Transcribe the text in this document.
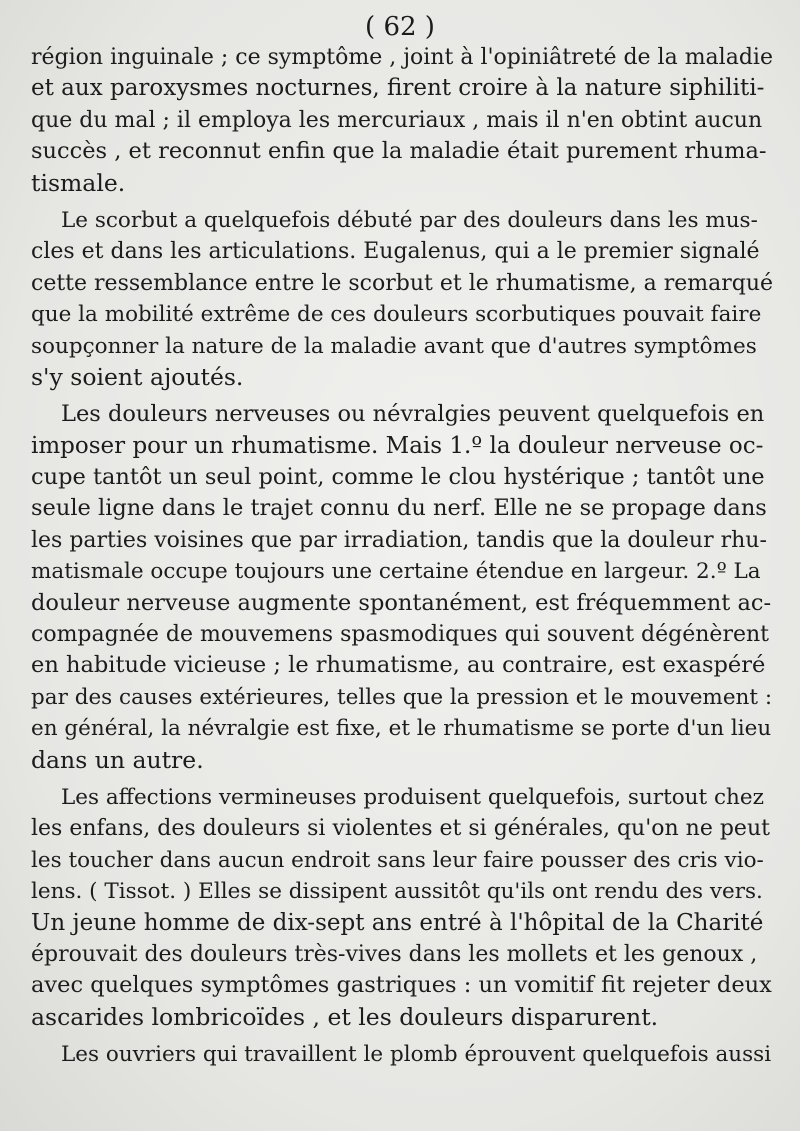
( 62 )
région inguinale ; ce symptôme , joint à l'opiniâtreté de la maladie
et aux paroxysmes nocturnes, firent croire à la nature siphiliti-
que du mal ; il employa les mercuriaux , mais il n'en obtint aucun
succès , et reconnut enfin que la maladie était purement rhuma-
tismale.
Le scorbut a quelquefois débuté par des douleurs dans les mus-
cles et dans les articulations. Eugalenus, qui a le premier signalé
cette ressemblance entre le scorbut et le rhumatisme, a remarqué
que la mobilité extrême de ces douleurs scorbutiques pouvait faire
soupçonner la nature de la maladie avant que d'autres symptômes
s'y soient ajoutés.
Les douleurs nerveuses ou névralgies peuvent quelquefois en
imposer pour un rhumatisme. Mais 1.º la douleur nerveuse oc-
cupe tantôt un seul point, comme le clou hystérique ; tantôt une
seule ligne dans le trajet connu du nerf. Elle ne se propage dans
les parties voisines que par irradiation, tandis que la douleur rhu-
matismale occupe toujours une certaine étendue en largeur. 2.º La
douleur nerveuse augmente spontanément, est fréquemment ac-
compagnée de mouvemens spasmodiques qui souvent dégénèrent
en habitude vicieuse ; le rhumatisme, au contraire, est exaspéré
par des causes extérieures, telles que la pression et le mouvement :
en général, la névralgie est fixe, et le rhumatisme se porte d'un lieu
dans un autre.
Les affections vermineuses produisent quelquefois, surtout chez
les enfans, des douleurs si violentes et si générales, qu'on ne peut
les toucher dans aucun endroit sans leur faire pousser des cris vio-
lens. ( Tissot. ) Elles se dissipent aussitôt qu'ils ont rendu des vers.
Un jeune homme de dix-sept ans entré à l'hôpital de la Charité
éprouvait des douleurs très-vives dans les mollets et les genoux ,
avec quelques symptômes gastriques : un vomitif fit rejeter deux
ascarides lombricoïdes , et les douleurs disparurent.
Les ouvriers qui travaillent le plomb éprouvent quelquefois aussi
